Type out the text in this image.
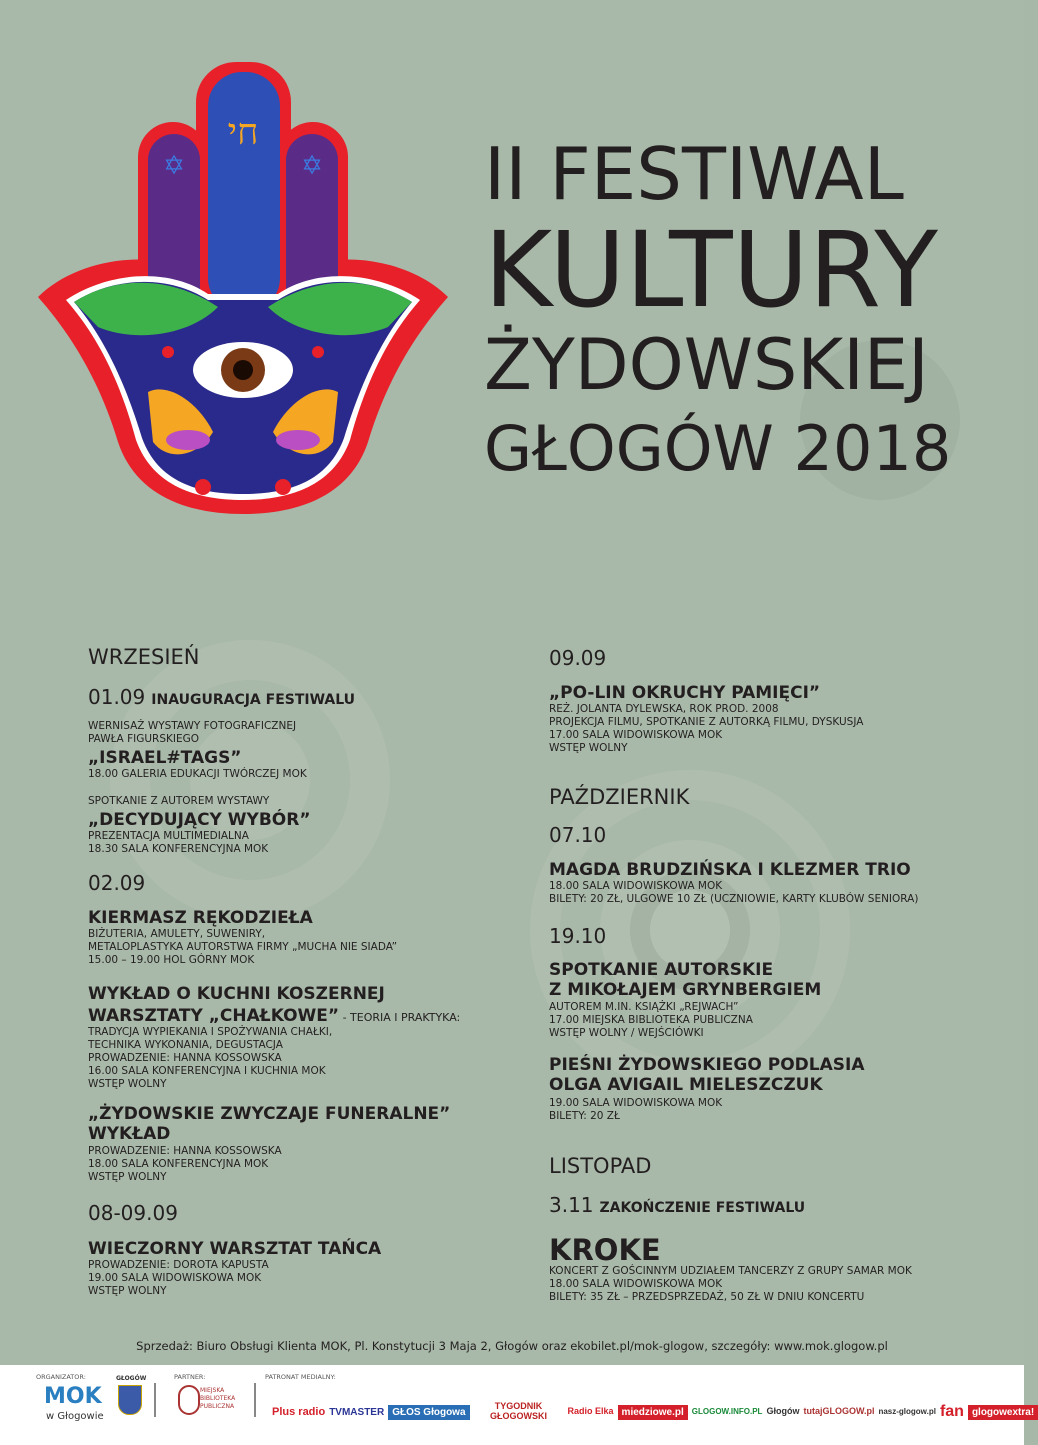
חי
✡	✡ II FESTIWAL
KULTURY
ŻYDOWSKIEJ
GŁOGÓW 2018
WRZESIEŃ
01.09 INAUGURACJA FESTIWALU
WERNISAŻ WYSTAWY FOTOGRAFICZNEJ
PAWŁA FIGURSKIEGO
„ISRAEL#TAGS”
18.00 GALERIA EDUKACJI TWÓRCZEJ MOK
SPOTKANIE Z AUTOREM WYSTAWY
„DECYDUJĄCY WYBÓR”
PREZENTACJA MULTIMEDIALNA
18.30 SALA KONFERENCYJNA MOK
02.09
KIERMASZ RĘKODZIEŁA
BIŻUTERIA, AMULETY, SUWENIRY,
METALOPLASTYKA AUTORSTWA FIRMY „MUCHA NIE SIADA”
15.00 – 19.00 HOL GÓRNY MOK
WYKŁAD O KUCHNI KOSZERNEJ
WARSZTATY „CHAŁKOWE” - TEORIA I PRAKTYKA:
TRADYCJA WYPIEKANIA I SPOŻYWANIA CHAŁKI,
TECHNIKA WYKONANIA, DEGUSTACJA
PROWADZENIE: HANNA KOSSOWSKA
16.00 SALA KONFERENCYJNA I KUCHNIA MOK
WSTĘP WOLNY
„ŻYDOWSKIE ZWYCZAJE FUNERALNE”
WYKŁAD
PROWADZENIE: HANNA KOSSOWSKA
18.00 SALA KONFERENCYJNA MOK
WSTĘP WOLNY
08-09.09
WIECZORNY WARSZTAT TAŃCA
PROWADZENIE: DOROTA KAPUSTA
19.00 SALA WIDOWISKOWA MOK
WSTĘP WOLNY
09.09
„PO-LIN OKRUCHY PAMIĘCI”
REŻ. JOLANTA DYLEWSKA, ROK PROD. 2008
PROJEKCJA FILMU, SPOTKANIE Z AUTORKĄ FILMU, DYSKUSJA
17.00 SALA WIDOWISKOWA MOK
WSTĘP WOLNY
PAŹDZIERNIK
07.10
MAGDA BRUDZIŃSKA I KLEZMER TRIO
18.00 SALA WIDOWISKOWA MOK
BILETY: 20 ZŁ, ULGOWE 10 ZŁ (UCZNIOWIE, KARTY KLUBÓW SENIORA)
19.10
SPOTKANIE AUTORSKIE
Z MIKOŁAJEM GRYNBERGIEM
AUTOREM M.IN. KSIĄŻKI „REJWACH”
17.00 MIEJSKA BIBLIOTEKA PUBLICZNA
WSTĘP WOLNY / WEJŚCIÓWKI
PIEŚNI ŻYDOWSKIEGO PODLASIA
OLGA AVIGAIL MIELESZCZUK
19.00 SALA WIDOWISKOWA MOK
BILETY: 20 ZŁ
LISTOPAD
3.11 ZAKOŃCZENIE FESTIWALU
KROKE
KONCERT Z GOŚCINNYM UDZIAŁEM TANCERZY Z GRUPY SAMAR MOK
18.00 SALA WIDOWISKOWA MOK
BILETY: 35 ZŁ – PRZEDSPRZEDAŻ, 50 ZŁ W DNIU KONCERTU
Sprzedaż: Biuro Obsługi Klienta MOK, Pl. Konstytucji 3 Maja 2, Głogów oraz ekobilet.pl/mok-glogow, szczegóły: www.mok.glogow.pl
ORGANIZATOR:	PARTNER:	PATRONAT MEDIALNY:
MOK
w Głogowie
GŁOGÓW
MIEJSKA BIBLIOTEKA PUBLICZNA	Plus radio TVMASTER GŁOS Głogowa
TYGODNIK GŁOGOWSKI	Radio Elka miedziowe.pl	GLOGOW.INFO.PL Głogów tutajGLOGOW.pl nasz-glogow.pl fan glogowextra!
